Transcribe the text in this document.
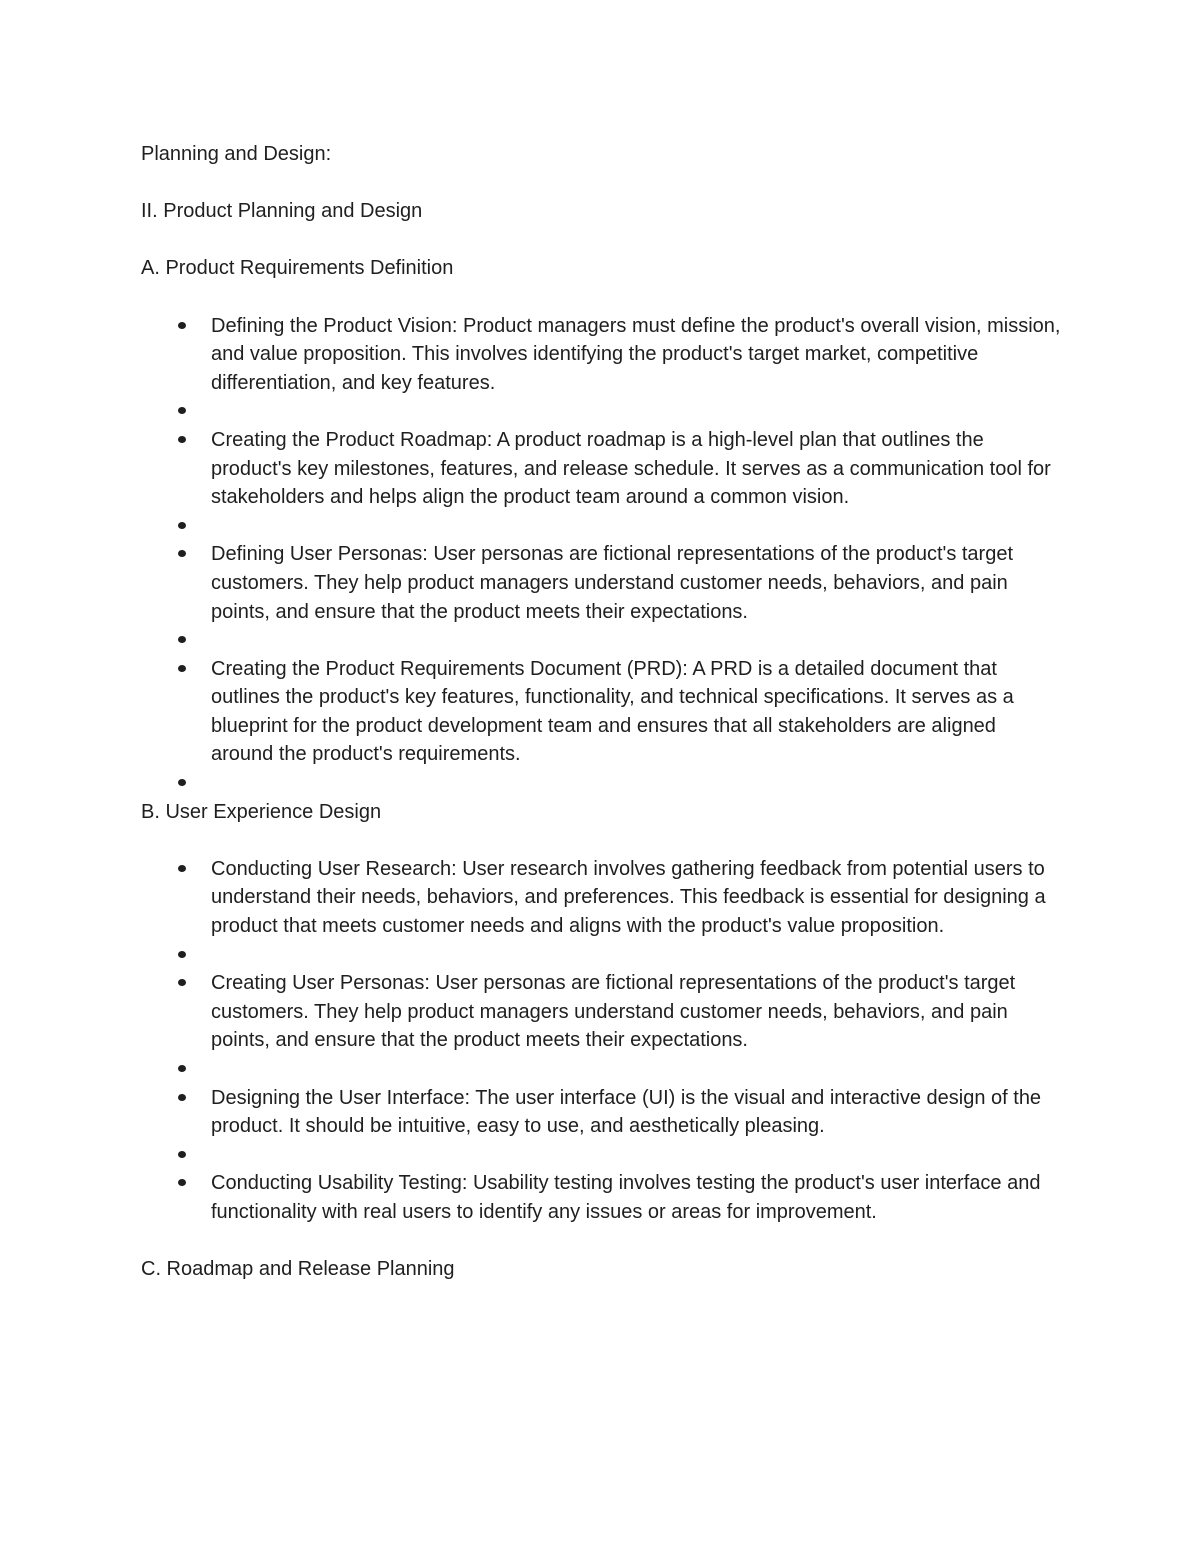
Planning and Design:

II. Product Planning and Design

A. Product Requirements Definition

Defining the Product Vision: Product managers must define the product's overall vision, mission, and value proposition. This involves identifying the product's target market, competitive differentiation, and key features.
Creating the Product Roadmap: A product roadmap is a high-level plan that outlines the product's key milestones, features, and release schedule. It serves as a communication tool for stakeholders and helps align the product team around a common vision.
Defining User Personas: User personas are fictional representations of the product's target customers. They help product managers understand customer needs, behaviors, and pain points, and ensure that the product meets their expectations.
Creating the Product Requirements Document (PRD): A PRD is a detailed document that outlines the product's key features, functionality, and technical specifications. It serves as a blueprint for the product development team and ensures that all stakeholders are aligned around the product's requirements.

B. User Experience Design

Conducting User Research: User research involves gathering feedback from potential users to understand their needs, behaviors, and preferences. This feedback is essential for designing a product that meets customer needs and aligns with the product's value proposition.
Creating User Personas: User personas are fictional representations of the product's target customers. They help product managers understand customer needs, behaviors, and pain points, and ensure that the product meets their expectations.
Designing the User Interface: The user interface (UI) is the visual and interactive design of the product. It should be intuitive, easy to use, and aesthetically pleasing.
Conducting Usability Testing: Usability testing involves testing the product's user interface and functionality with real users to identify any issues or areas for improvement.

C. Roadmap and Release Planning
